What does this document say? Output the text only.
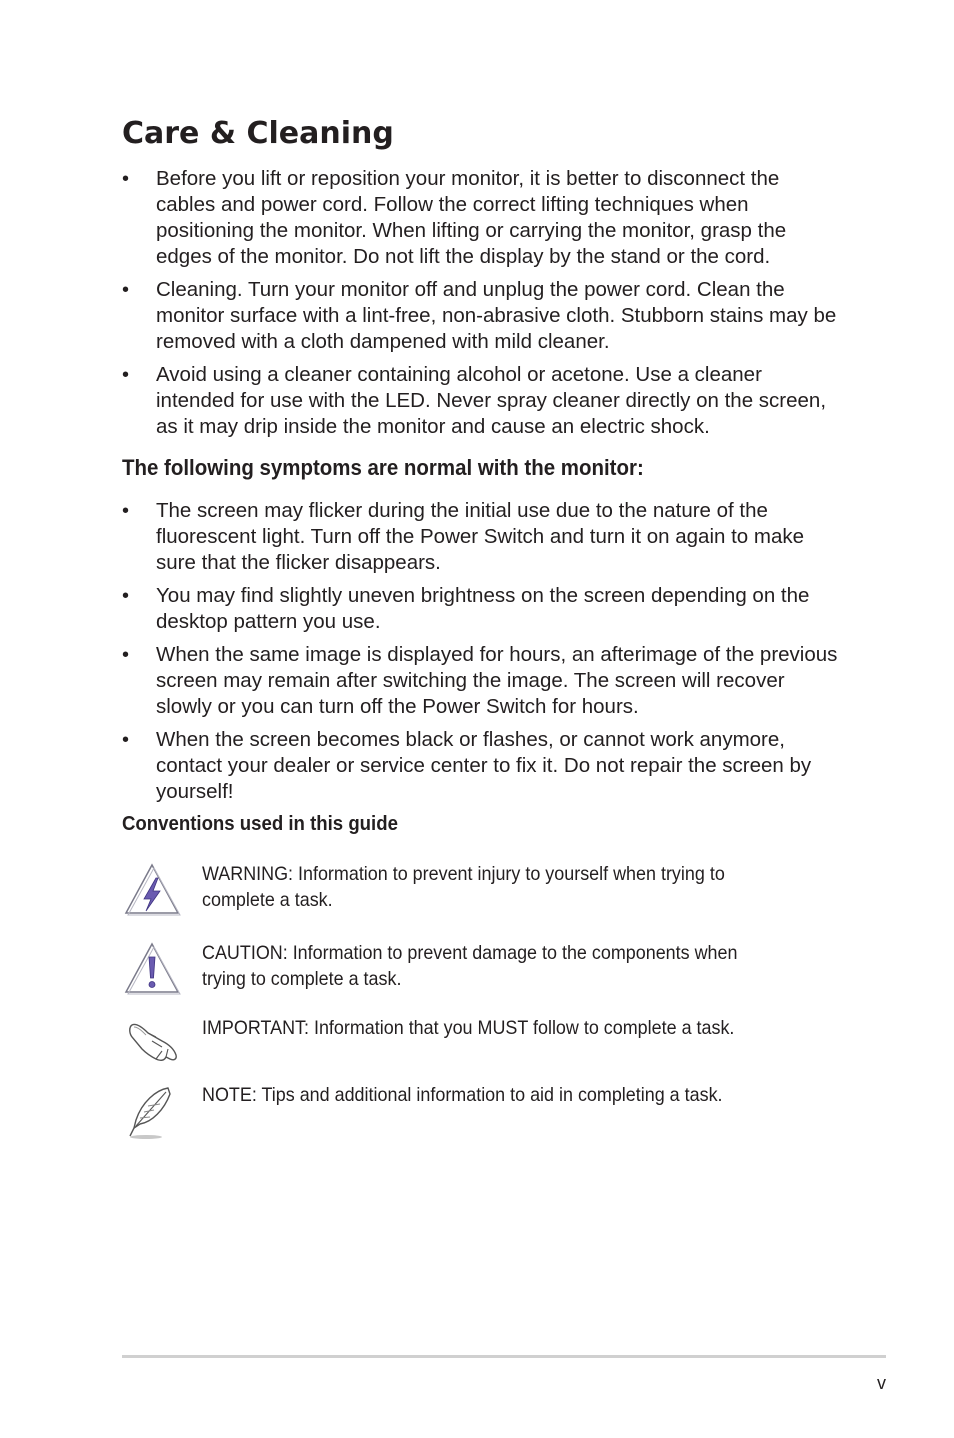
Care & Cleaning
•	Before you lift or reposition your monitor, it is better to disconnect the cables and power cord. Follow the correct lifting techniques when positioning the monitor. When lifting or carrying the monitor, grasp the edges of the monitor. Do not lift the display by the stand or the cord.
•	Cleaning. Turn your monitor off and unplug the power cord. Clean the monitor surface with a lint-free, non-abrasive cloth. Stubborn stains may be removed with a cloth dampened with mild cleaner.
•	Avoid using a cleaner containing alcohol or acetone. Use a cleaner intended for use with the LED. Never spray cleaner directly on the screen, as it may drip inside the monitor and cause an electric shock.
The following symptoms are normal with the monitor:
•	The screen may flicker during the initial use due to the nature of the fluorescent light. Turn off the Power Switch and turn it on again to make sure that the flicker disappears.
•	You may find slightly uneven brightness on the screen depending on the desktop pattern you use.
•	When the same image is displayed for hours, an afterimage of the previous screen may remain after switching the image. The screen will recover slowly or you can turn off the Power Switch for hours.
•	When the screen becomes black or flashes, or cannot work anymore, contact your dealer or service center to fix it. Do not repair the screen by yourself!
Conventions used in this guide
WARNING: Information to prevent injury to yourself when trying to complete a task.
CAUTION: Information to prevent damage to the components when trying to complete a task.
IMPORTANT: Information that you MUST follow to complete a task.
NOTE: Tips and additional information to aid in completing a task.
v
